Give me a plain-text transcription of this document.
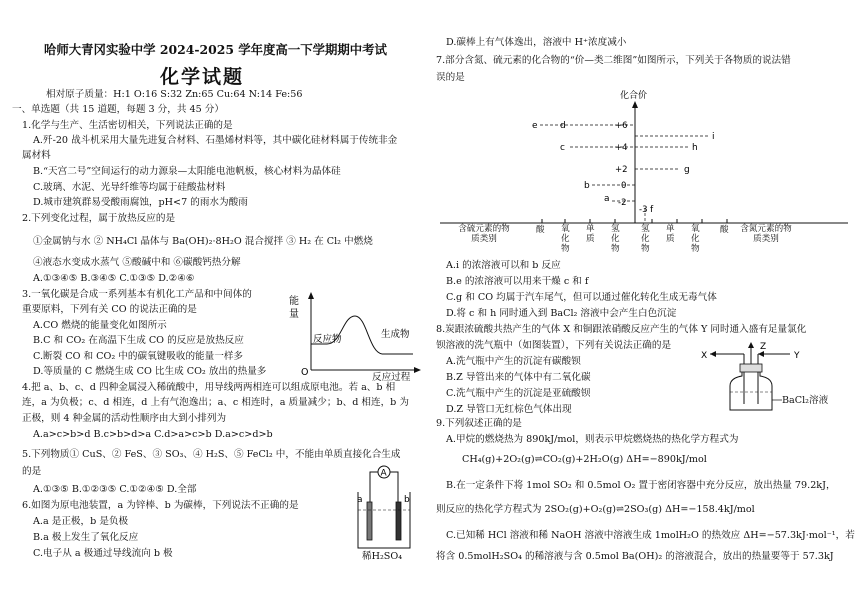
哈师大青冈实验中学 2024-2025 学年度高一下学期期中考试
化学试题
相对原子质量：H:1 O:16 S:32 Zn:65 Cu:64 N:14 Fe:56
一、单选题（共 15 道题，每题 3 分，共 45 分）
1.化学与生产、生活密切相关，下列说法正确的是
A.歼-20 战斗机采用大量先进复合材料、石墨烯材料等，其中碳化硅材料属于传统非金
属材料
B.“天宫二号”空间运行的动力源泉—太阳能电池帆板，核心材料为晶体硅
C.玻璃、水泥、光导纤维等均属于硅酸盐材料
D.城市建筑群易受酸雨腐蚀，pH<7 的雨水为酸雨
2.下列变化过程，属于放热反应的是
①金属钠与水 ② NH₄Cl 晶体与 Ba(OH)₂·8H₂O 混合搅拌 ③ H₂ 在 Cl₂ 中燃烧
④液态水变成水蒸气 ⑤酸碱中和 ⑥碳酸钙热分解
A.①③④⑤ B.③④⑤ C.①③⑤ D.②④⑥
3.一氧化碳是合成一系列基本有机化工产品和中间体的
重要原料，下列有关 CO 的说法正确的是
A.CO 燃烧的能量变化如图所示
B.C 和 CO₂ 在高温下生成 CO 的反应是放热反应
C.断裂 CO 和 CO₂ 中的碳氧键吸收的能量一样多
D.等质量的 C 燃烧生成 CO 比生成 CO₂ 放出的热量多
能
量
反应物	生成物
O	反应过程
4.把 a、b、c、d 四种金属浸入稀硫酸中，用导线两两相连可以组成原电池。若 a、b 相
连，a 为负极；c、d 相连，d 上有气泡逸出；a、c 相连时，a 质量减少；b、d 相连，b 为
正极，则 4 种金属的活动性顺序由大到小排列为
A.a>c>b>d B.c>b>d>a C.d>a>c>b D.a>c>d>b
5.下列物质① CuS、② FeS、③ SO₃、④ H₂S、⑤ FeCl₂ 中，不能由单质直接化合生成
的是
A.①③⑤ B.①②③⑤ C.①②④⑤ D.全部
6.如图为原电池装置，a 为锌棒、b 为碳棒，下列说法不正确的是
A.a 是正极，b 是负极
B.a 极上发生了氧化反应
C.电子从 a 极通过导线流向 b 极
A
a	b
稀H₂SO₄
D.碳棒上有气体逸出，溶液中 H⁺浓度减小
7.部分含氮、硫元素的化合物的“价—类二维图”如图所示，下列关于各物质的说法错
误的是
化合价
+6
+4
+2
0
-2
-3
e d
c
b
a
i
h
g
f
含硫元素的物质类别
含氮元素的物质类别
酸 氧化物
单质
氢化物
氢化物
单质
氧化物
酸
A.i 的浓溶液可以和 b 反应
B.e 的浓溶液可以用来干燥 c 和 f
C.g 和 CO 均属于汽车尾气，但可以通过催化转化生成无毒气体
D.将 c 和 h 同时通入到 BaCl₂ 溶液中会产生白色沉淀
8.炭跟浓硫酸共热产生的气体 X 和铜跟浓硝酸反应产生的气体 Y 同时通入盛有足量氯化
钡溶液的洗气瓶中（如图装置），下列有关说法正确的是
A.洗气瓶中产生的沉淀有碳酸钡
B.Z 导管出来的气体中有二氧化碳
C.洗气瓶中产生的沉淀是亚硫酸钡
D.Z 导管口无红棕色气体出现
X	Y
Z
BaCl₂溶液
9.下列叙述正确的是
A.甲烷的燃烧热为 890kJ/mol，则表示甲烷燃烧热的热化学方程式为
CH₄(g)+2O₂(g)⇌CO₂(g)+2H₂O(g) ΔH=−890kJ/mol
B.在一定条件下将 1mol SO₂ 和 0.5mol O₂ 置于密闭容器中充分反应，放出热量 79.2kJ，
则反应的热化学方程式为 2SO₂(g)+O₂(g)⇌2SO₃(g) ΔH=−158.4kJ/mol
C.已知稀 HCl 溶液和稀 NaOH 溶液中溶液生成 1molH₂O 的热效应 ΔH=−57.3kJ·mol⁻¹，若
将含 0.5molH₂SO₄ 的稀溶液与含 0.5mol Ba(OH)₂ 的溶液混合，放出的热量要等于 57.3kJ
